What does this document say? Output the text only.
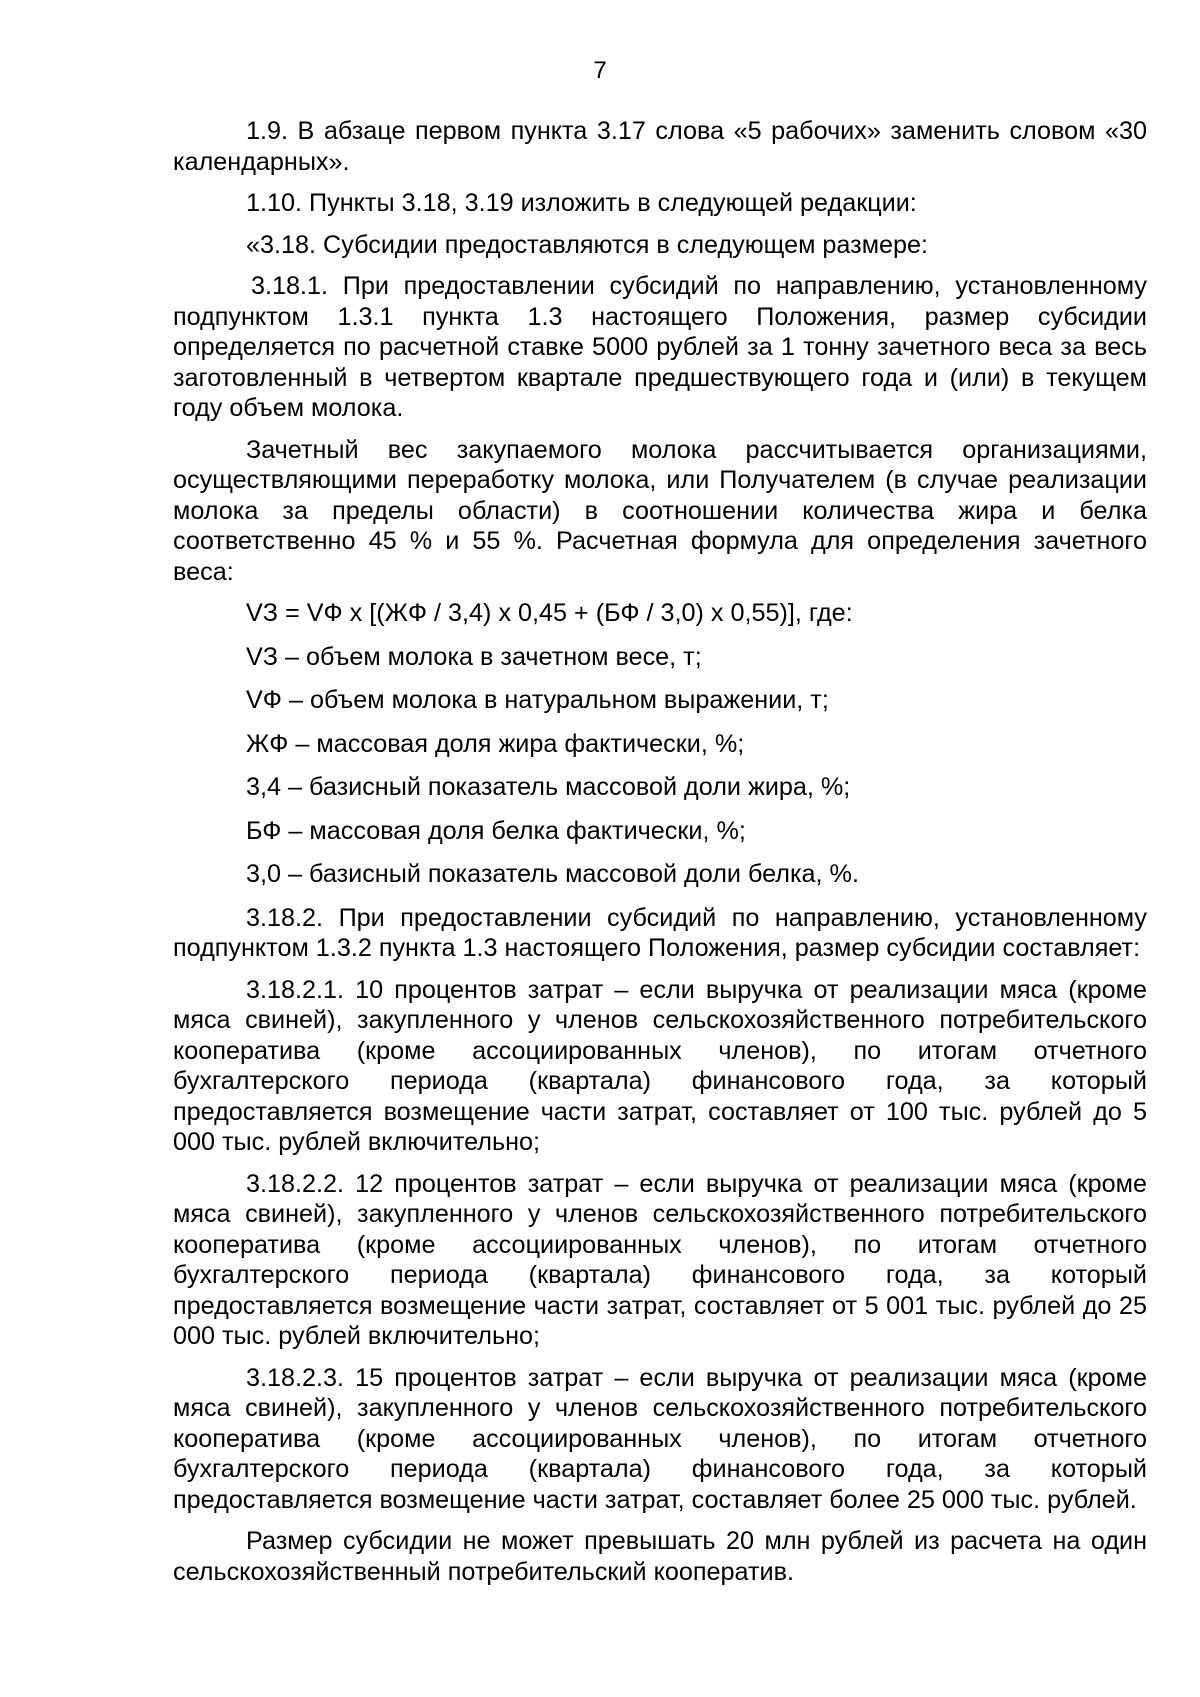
7

1.9. В абзаце первом пункта 3.17 слова «5 рабочих» заменить словом «30 календарных».

1.10. Пункты 3.18, 3.19 изложить в следующей редакции:

«3.18. Субсидии предоставляются в следующем размере:

3.18.1. При предоставлении субсидий по направлению, установленному подпунктом 1.3.1 пункта 1.3 настоящего Положения, размер субсидии определяется по расчетной ставке 5000 рублей за 1 тонну зачетного веса за весь заготовленный в четвертом квартале предшествующего года и (или) в текущем году объем молока.

Зачетный вес закупаемого молока рассчитывается организациями, осуществляющими переработку молока, или Получателем (в случае реализации молока за пределы области) в соотношении количества жира и белка соответственно 45 % и 55 %. Расчетная формула для определения зачетного веса:

VЗ = VФ x [(ЖФ / 3,4) x 0,45 + (БФ / 3,0) x 0,55)], где:

VЗ – объем молока в зачетном весе, т;

VФ – объем молока в натуральном выражении, т;

ЖФ – массовая доля жира фактически, %;

3,4 – базисный показатель массовой доли жира, %;

БФ – массовая доля белка фактически, %;

3,0 – базисный показатель массовой доли белка, %.

3.18.2. При предоставлении субсидий по направлению, установленному подпунктом 1.3.2 пункта 1.3 настоящего Положения, размер субсидии составляет:

3.18.2.1. 10 процентов затрат – если выручка от реализации мяса (кроме мяса свиней), закупленного у членов сельскохозяйственного потребительского кооператива (кроме ассоциированных членов), по итогам отчетного бухгалтерского периода (квартала) финансового года, за который предоставляется возмещение части затрат, составляет от 100 тыс. рублей до 5 000 тыс. рублей включительно;

3.18.2.2. 12 процентов затрат – если выручка от реализации мяса (кроме мяса свиней), закупленного у членов сельскохозяйственного потребительского кооператива (кроме ассоциированных членов), по итогам отчетного бухгалтерского периода (квартала) финансового года, за который предоставляется возмещение части затрат, составляет от 5 001 тыс. рублей до 25 000 тыс. рублей включительно;

3.18.2.3. 15 процентов затрат – если выручка от реализации мяса (кроме мяса свиней), закупленного у членов сельскохозяйственного потребительского кооператива (кроме ассоциированных членов), по итогам отчетного бухгалтерского периода (квартала) финансового года, за который предоставляется возмещение части затрат, составляет более 25 000 тыс. рублей.

Размер субсидии не может превышать 20 млн рублей из расчета на один сельскохозяйственный потребительский кооператив.
